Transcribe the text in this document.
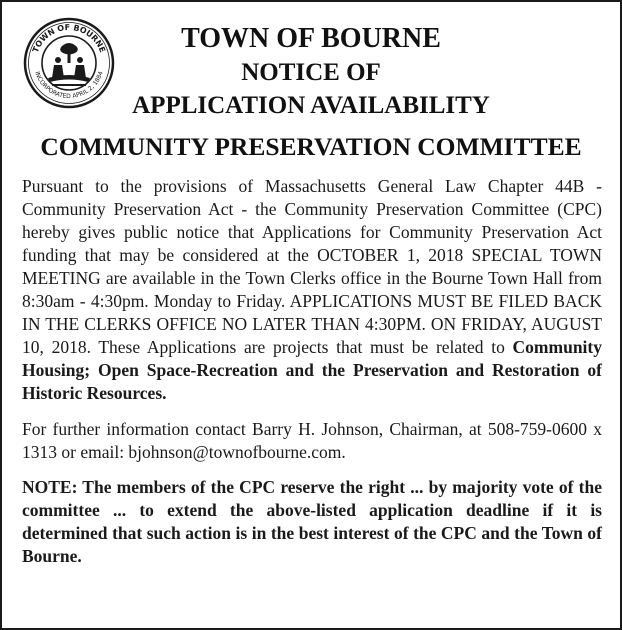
TOWN OF BOURNE
INCORPORATED APRIL 2, 1884
TOWN OF BOURNE
NOTICE OF
APPLICATION AVAILABILITY
COMMUNITY PRESERVATION COMMITTEE

Pursuant to the provisions of Massachusetts General Law Chapter 44B - Community Preservation Act - the Community Preservation Committee (CPC) hereby gives public notice that Applications for Community Preservation Act funding that may be considered at the OCTOBER 1, 2018 SPECIAL TOWN MEETING are available in the Town Clerks office in the Bourne Town Hall from 8:30am - 4:30pm. Monday to Friday. APPLICATIONS MUST BE FILED BACK IN THE CLERKS OFFICE NO LATER THAN 4:30PM. ON FRIDAY, AUGUST 10, 2018. These Applications are projects that must be related to Community Housing; Open Space-Recreation and the Preservation and Restoration of Historic Resources.

For further information contact Barry H. Johnson, Chairman, at 508-759-0600 x 1313 or email: bjohnson@townofbourne.com.

NOTE: The members of the CPC reserve the right ... by majority vote of the committee ... to extend the above-listed application deadline if it is determined that such action is in the best interest of the CPC and the Town of Bourne.
